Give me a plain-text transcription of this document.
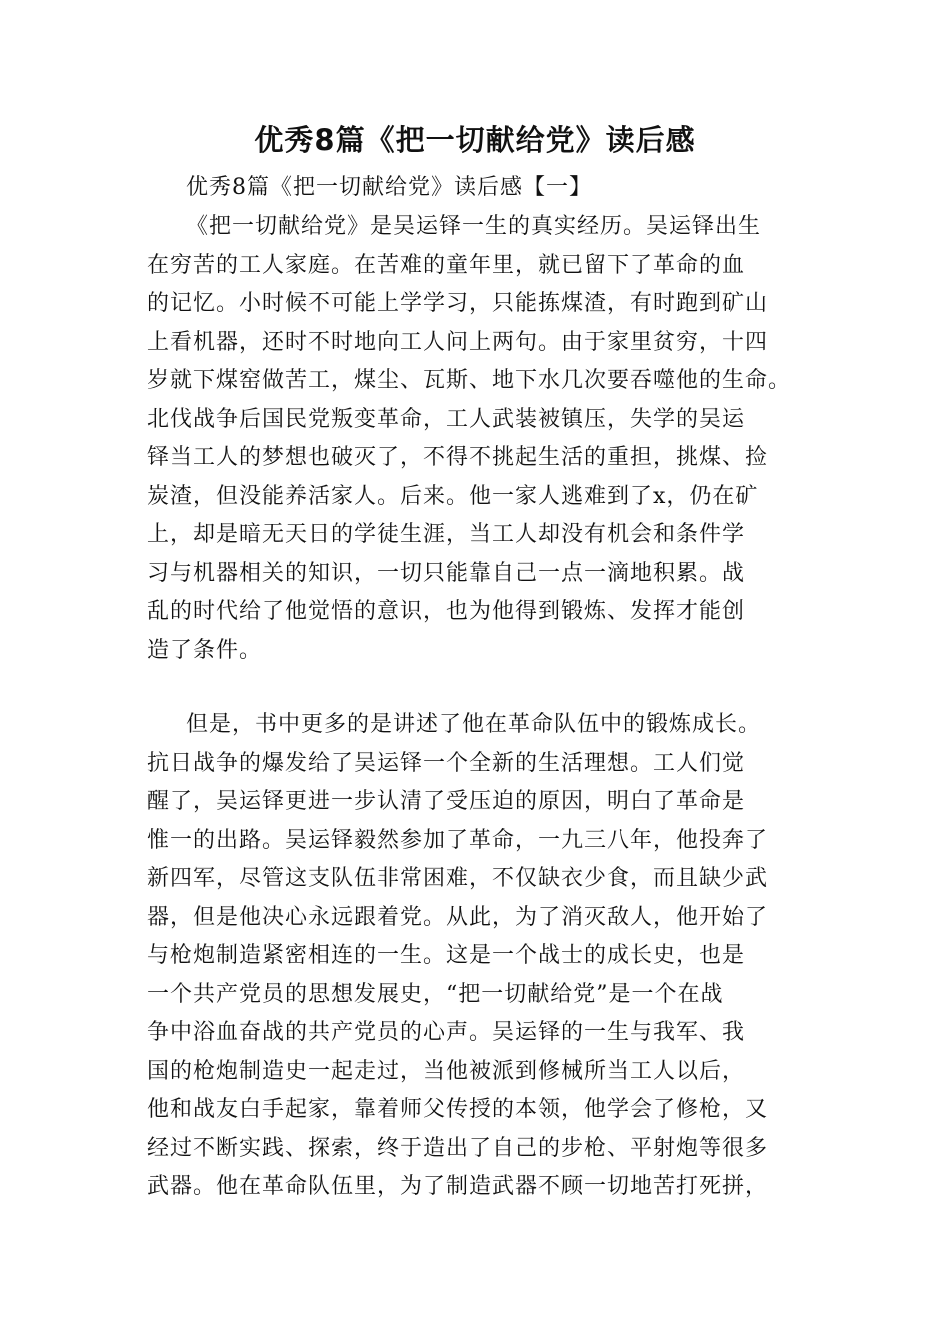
优秀8篇《把一切献给党》读后感

优秀8篇《把一切献给党》读后感【一】

《把一切献给党》是吴运铎一生的真实经历。吴运铎出生
在穷苦的工人家庭。在苦难的童年里，就已留下了革命的血
的记忆。小时候不可能上学学习，只能拣煤渣，有时跑到矿山
上看机器，还时不时地向工人问上两句。由于家里贫穷，十四
岁就下煤窑做苦工，煤尘、瓦斯、地下水几次要吞噬他的生命。
北伐战争后国民党叛变革命，工人武装被镇压，失学的吴运
铎当工人的梦想也破灭了，不得不挑起生活的重担，挑煤、捡
炭渣，但没能养活家人。后来。他一家人逃难到了x，仍在矿
上，却是暗无天日的学徒生涯，当工人却没有机会和条件学
习与机器相关的知识，一切只能靠自己一点一滴地积累。战
乱的时代给了他觉悟的意识，也为他得到锻炼、发挥才能创
造了条件。

但是，书中更多的是讲述了他在革命队伍中的锻炼成长。
抗日战争的爆发给了吴运铎一个全新的生活理想。工人们觉
醒了，吴运铎更进一步认清了受压迫的原因，明白了革命是
惟一的出路。吴运铎毅然参加了革命，一九三八年，他投奔了
新四军，尽管这支队伍非常困难，不仅缺衣少食，而且缺少武
器，但是他决心永远跟着党。从此，为了消灭敌人，他开始了
与枪炮制造紧密相连的一生。这是一个战士的成长史，也是
一个共产党员的思想发展史，“把一切献给党”是一个在战
争中浴血奋战的共产党员的心声。吴运铎的一生与我军、我
国的枪炮制造史一起走过，当他被派到修械所当工人以后，
他和战友白手起家，靠着师父传授的本领，他学会了修枪，又
经过不断实践、探索，终于造出了自己的步枪、平射炮等很多
武器。他在革命队伍里，为了制造武器不顾一切地苦打死拼，
